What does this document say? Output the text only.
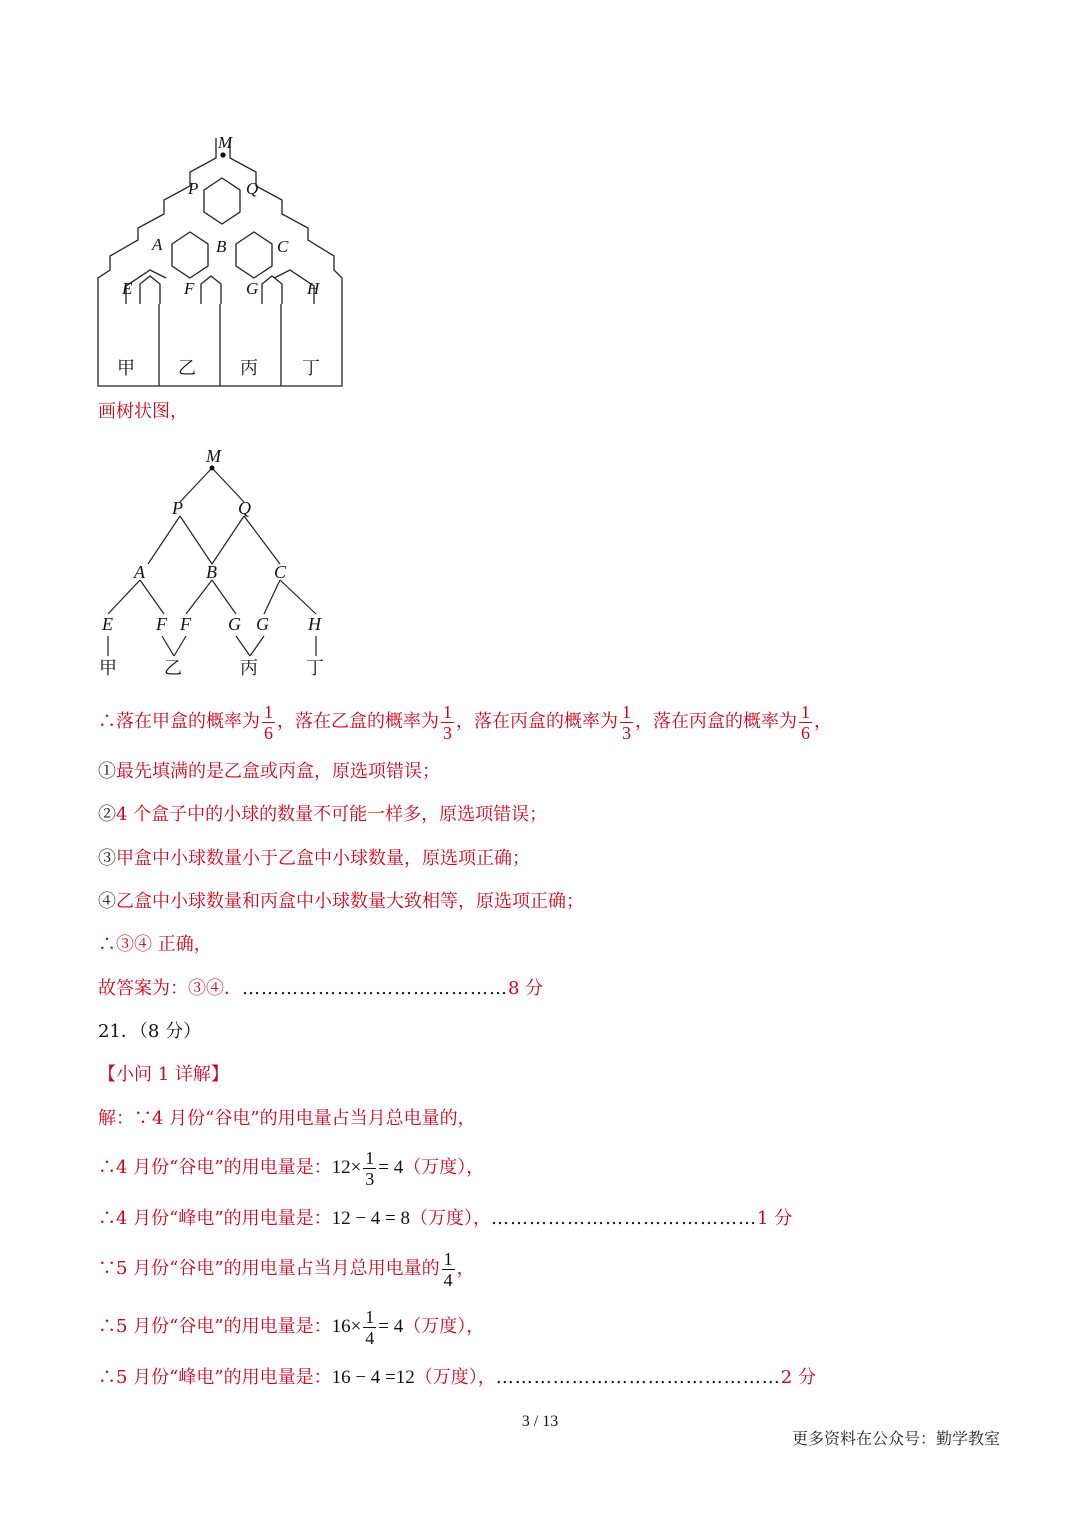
M
P	Q
A	B	C
E	F	G	H
甲 乙 丙 丁
画树状图，
M
P	Q
A	B	C
E F F G G H
甲	乙	丙	丁
∴落在甲盒的概率为 $\frac{1}{6}$ ，落在乙盒的概率为 $\frac{1}{3}$ ，落在丙盒的概率为 $\frac{1}{3}$ ，落在丙盒的概率为 $\frac{1}{6}$ ，
①最先填满的是乙盒或丙盒，原选项错误；
②4 个盒子中的小球的数量不可能一样多，原选项错误；
③甲盒中小球数量小于乙盒中小球数量，原选项正确；
④乙盒中小球数量和丙盒中小球数量大致相等，原选项正确；
∴③④ 正确，
故答案为：③④．……………………………………8 分
21．（8 分）
【小问 1 详解】
解：∵4 月份“谷电”的用电量占当月总电量的，
∴4 月份“谷电”的用电量是：$12\times \frac{1}{3} = 4$（万度），
∴4 月份“峰电”的用电量是：12 − 4 = 8（万度），……………………………………1 分
∵5 月份“谷电”的用电量占当月总用电量的 $\frac{1}{4}$ ，
∴5 月份“谷电”的用电量是：$16\times \frac{1}{4} = 4$（万度），
∴5 月份“峰电”的用电量是：16 − 4 =12（万度），………………………………………2 分
3 / 13
更多资料在公众号：勤学教室
